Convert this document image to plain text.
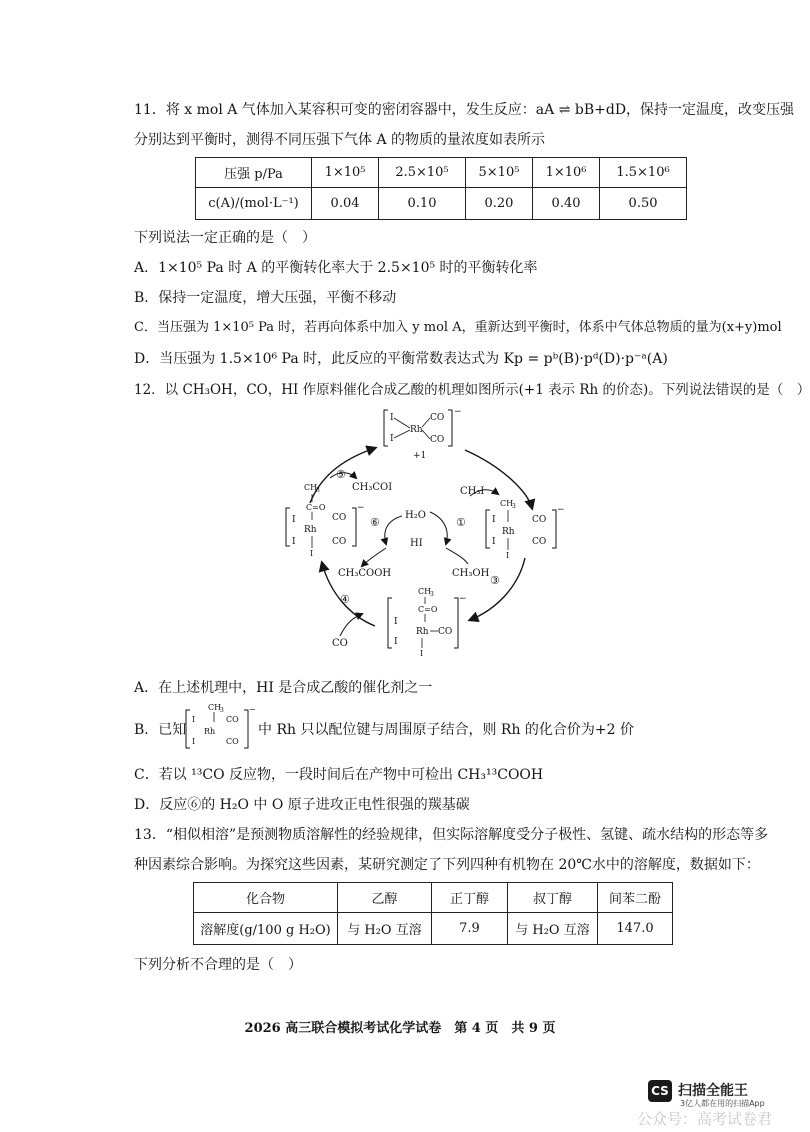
11．将 x mol A 气体加入某容积可变的密闭容器中，发生反应：aA ⇌ bB+dD，保持一定温度，改变压强
分别达到平衡时，测得不同压强下气体 A 的物质的量浓度如表所示
压强 p/Pa	1×10⁵	2.5×10⁵	5×10⁵	1×10⁶	1.5×10⁶
c(A)/(mol·L⁻¹)	0.04	0.10	0.20	0.40	0.50
下列说法一定正确的是（　）
A．1×10⁵ Pa 时 A 的平衡转化率大于 2.5×10⁵ 时的平衡转化率
B．保持一定温度，增大压强，平衡不移动
C．当压强为 1×10⁵ Pa 时，若再向体系中加入 y mol A，重新达到平衡时，体系中气体总物质的量为(x+y)mol
D．当压强为 1.5×10⁶ Pa 时，此反应的平衡常数表达式为 Kp = pᵇ(B)·pᵈ(D)·p⁻ᵃ(A)
12．以 CH₃OH，CO，HI 作原料催化合成乙酸的机理如图所示(+1 表示 Rh 的价态)。下列说法错误的是（　）
I
I
Rh
CO
CO
−
+1
CH
3
I
I
Rh
CO
CO
I
−
CH
3
C=O
I
I
Rh
CO
CO
I
−
CH
3
C=O
I
I
Rh CO
I
−
CH₃COI	CH₃I
H₂O
HI
CH₃COOH	CH₃OH
CO
①
③
④
⑤
⑥
A．在上述机理中，HI 是合成乙酸的催化剂之一
B．已知
CH
3
I
I
Rh
CO
CO
−
中 Rh 只以配位键与周围原子结合，则 Rh 的化合价为+2 价
C．若以 ¹³CO 反应物，一段时间后在产物中可检出 CH₃¹³COOH
D．反应⑥的 H₂O 中 O 原子进攻正电性很强的羰基碳
13．“相似相溶”是预测物质溶解性的经验规律，但实际溶解度受分子极性、氢键、疏水结构的形态等多
种因素综合影响。为探究这些因素，某研究测定了下列四种有机物在 20℃水中的溶解度，数据如下：
化合物	乙醇	正丁醇	叔丁醇	间苯二酚
溶解度(g/100 g H₂O)	与 H₂O 互溶	7.9	与 H₂O 互溶	147.0
下列分析不合理的是（　）
2026 高三联合模拟考试化学试卷　第 4 页　共 9 页
CS 扫描全能王
3亿人都在用的扫描App
公众号：高考试卷君
